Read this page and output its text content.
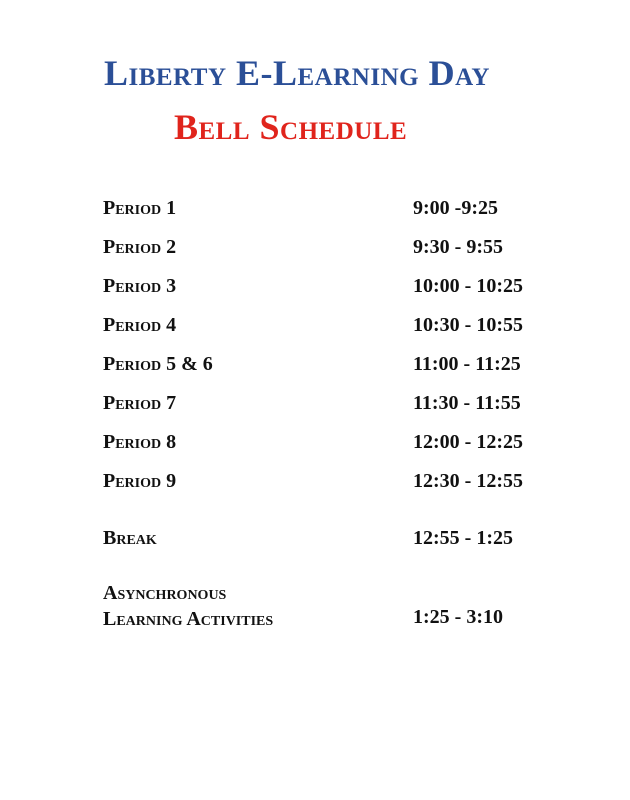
Liberty E-Learning Day
Bell Schedule
Period 1	9:00 -9:25
Period 2	9:30 - 9:55
Period 3	10:00 - 10:25
Period 4	10:30 - 10:55
Period 5 & 6	11:00 - 11:25
Period 7	11:30 - 11:55
Period 8	12:00 - 12:25
Period 9	12:30 - 12:55
Break	12:55 - 1:25
Asynchronous
Learning Activities	1:25 - 3:10
